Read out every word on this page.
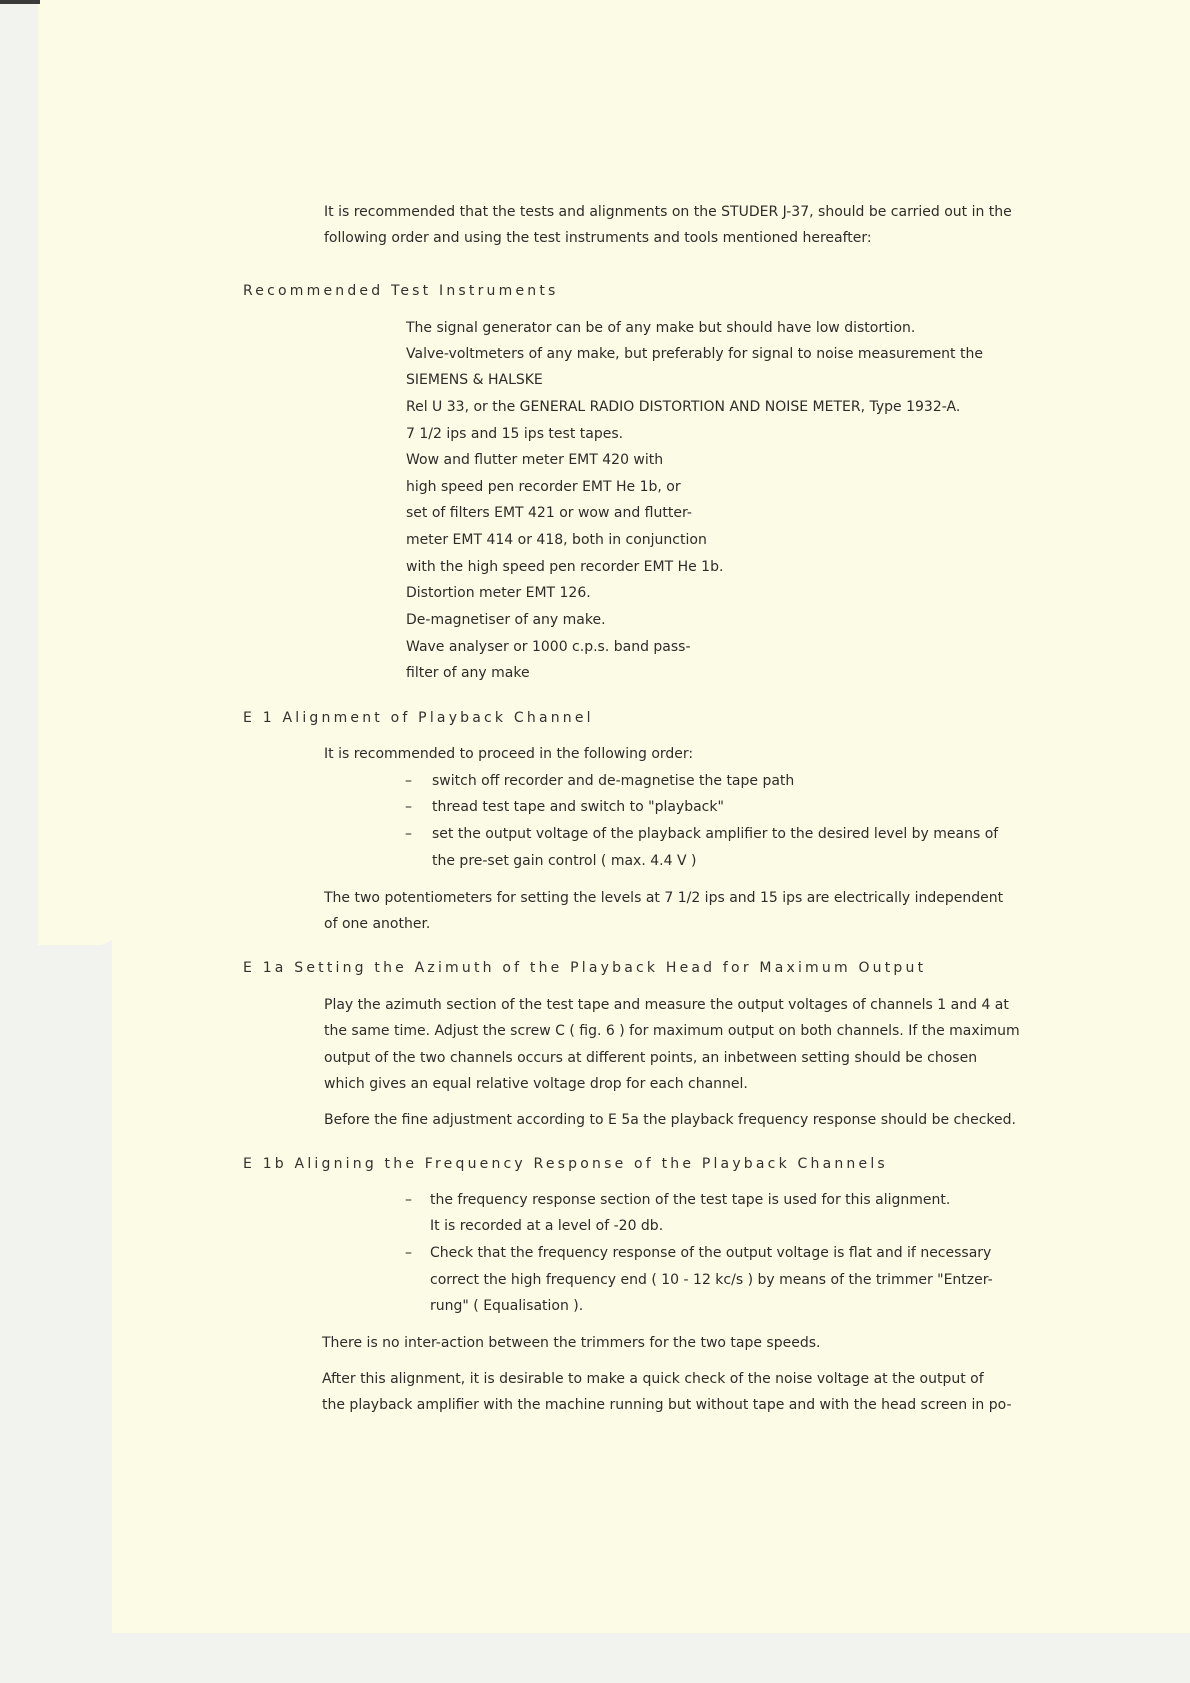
It is recommended that the tests and alignments on the STUDER J-37, should be carried out in the
following order and using the test instruments and tools mentioned hereafter:
Recommended Test Instruments
The signal generator can be of any make but should have low distortion.
Valve-voltmeters of any make, but preferably for signal to noise measurement the
SIEMENS & HALSKE
Rel U 33, or the GENERAL RADIO DISTORTION AND NOISE METER, Type 1932-A.
7 1/2 ips and 15 ips test tapes.
Wow and flutter meter EMT 420 with
high speed pen recorder EMT He 1b, or
set of filters EMT 421 or wow and flutter-
meter EMT 414 or 418, both in conjunction
with the high speed pen recorder EMT He 1b.
Distortion meter EMT 126.
De-magnetiser of any make.
Wave analyser or 1000 c.p.s. band pass-
filter of any make
E 1 Alignment of Playback Channel
It is recommended to proceed in the following order:
– switch off recorder and de-magnetise the tape path
– thread test tape and switch to "playback"
– set the output voltage of the playback amplifier to the desired level by means of
the pre-set gain control ( max. 4.4 V )
The two potentiometers for setting the levels at 7 1/2 ips and 15 ips are electrically independent
of one another.
E 1a Setting the Azimuth of the Playback Head for Maximum Output
Play the azimuth section of the test tape and measure the output voltages of channels 1 and 4 at
the same time. Adjust the screw C ( fig. 6 ) for maximum output on both channels. If the maximum
output of the two channels occurs at different points, an inbetween setting should be chosen
which gives an equal relative voltage drop for each channel.
Before the fine adjustment according to E 5a the playback frequency response should be checked.
E 1b Aligning the Frequency Response of the Playback Channels
– the frequency response section of the test tape is used for this alignment.
It is recorded at a level of -20 db.
– Check that the frequency response of the output voltage is flat and if necessary
correct the high frequency end ( 10 - 12 kc/s ) by means of the trimmer "Entzer-
rung" ( Equalisation ).
There is no inter-action between the trimmers for the two tape speeds.
After this alignment, it is desirable to make a quick check of the noise voltage at the output of
the playback amplifier with the machine running but without tape and with the head screen in po-
